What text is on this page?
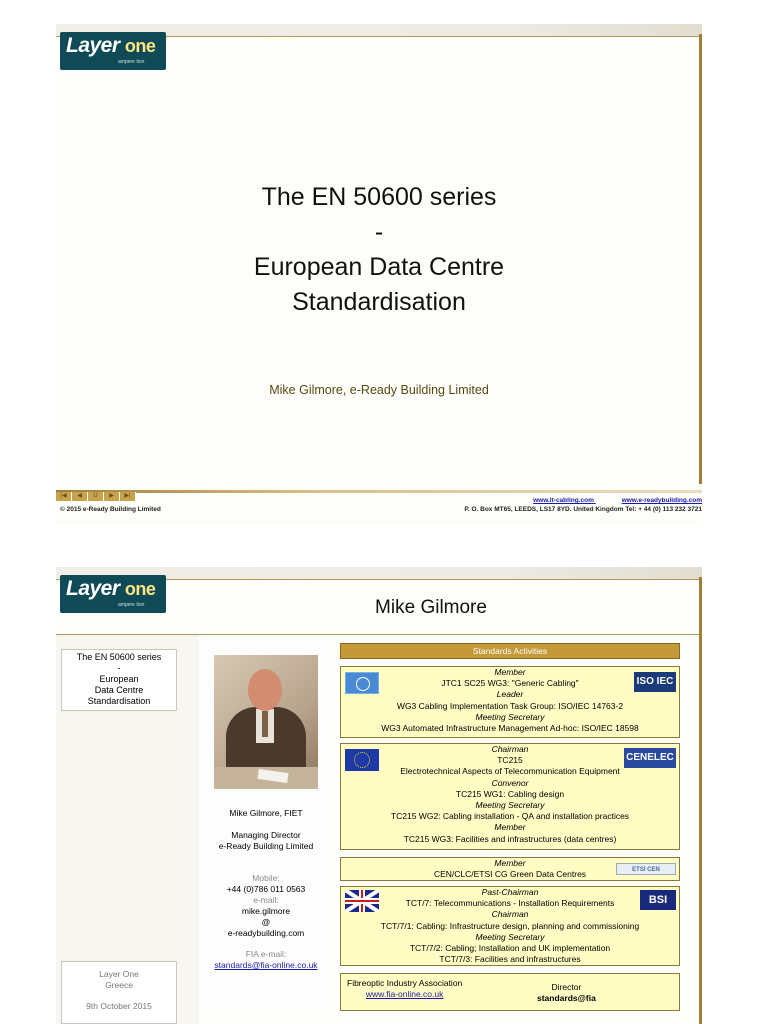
Layer one
ampere tion
The EN 50600 series
-
European Data Centre
Standardisation
Mike Gilmore, e-Ready Building Limited
|◀	◀	U	▶	▶|
© 2015 e-Ready Building Limited
www.lt-cabling.com	www.e-readybuilding.com
P. O. Box MT65, LEEDS, LS17 8YD. United Kingdom Tel: + 44 (0) 113 232 3721
Layer one
ampere tion	Mike Gilmore
The EN 50600 series
-
European
Data Centre
Standardisation
Layer One
Greece
9th October 2015
Mike Gilmore, FIET
Managing Director
e-Ready Building Limited
Mobile:
+44 (0)786 011 0563
e-mail:
mike.gilmore
@
e-readybuilding.com
FIA e-mail:
standards@fia-online.co.uk
Standards Activities
ISO IEC
Member
JTC1 SC25 WG3: "Generic Cabling"
Leader
WG3 Cabling Implementation Task Group: ISO/IEC 14763-2
Meeting Secretary
WG3 Automated Infrastructure Management Ad-hoc: ISO/IEC 18598
CENELEC
Chairman
TC215
Electrotechnical Aspects of Telecommunication Equipment
Convenor
TC215 WG1: Cabling design
Meeting Secretary
TC215 WG2: Cabling installation - QA and installation practices
Member
TC215 WG3: Facilities and infrastructures (data centres)
ETSI CEN
Member
CEN/CLC/ETSI CG Green Data Centres
BSI
Past-Chairman
TCT/7: Telecommunications - Installation Requirements
Chairman
TCT/7/1: Cabling: Infrastructure design, planning and commissioning
Meeting Secretary
TCT/7/2: Cabling; Installation and UK implementation
TCT/7/3: Facilities and infrastructures
Fibreoptic Industry Association
www.fia-online.co.uk
Director
standards@fia
